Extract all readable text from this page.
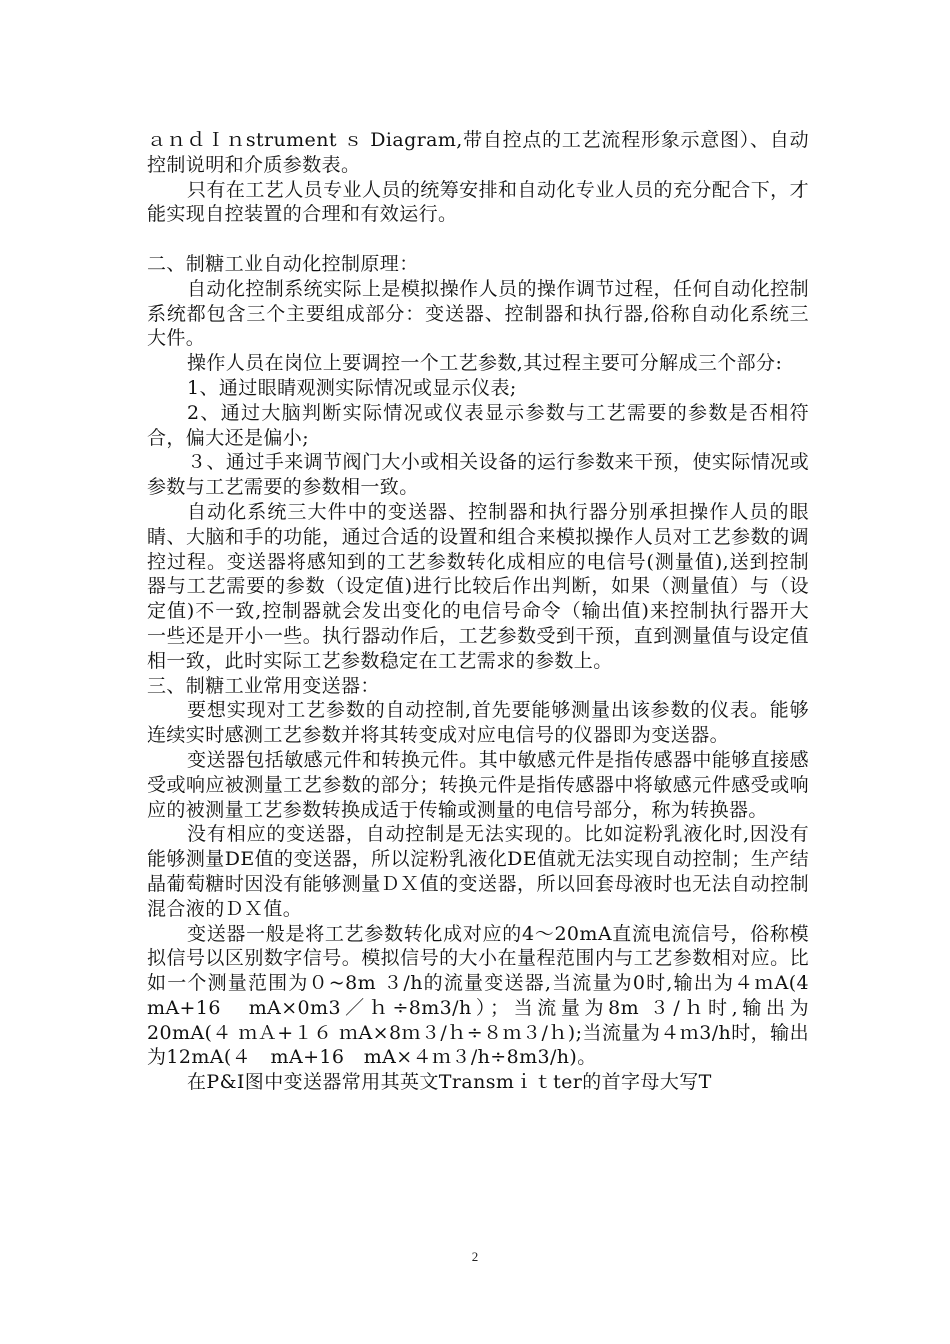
ａｎｄＩｎstrument ｓ Diagram,带自控点的工艺流程形象示意图）、自动控制说明和介质参数表。

只有在工艺人员专业人员的统筹安排和自动化专业人员的充分配合下，才能实现自控装置的合理和有效运行。

二、制糖工业自动化控制原理：

自动化控制系统实际上是模拟操作人员的操作调节过程，任何自动化控制系统都包含三个主要组成部分：变送器、控制器和执行器,俗称自动化系统三大件。

操作人员在岗位上要调控一个工艺参数,其过程主要可分解成三个部分:

1、通过眼睛观测实际情况或显示仪表;

2、通过大脑判断实际情况或仪表显示参数与工艺需要的参数是否相符合，偏大还是偏小;

３、通过手来调节阀门大小或相关设备的运行参数来干预，使实际情况或参数与工艺需要的参数相一致。

自动化系统三大件中的变送器、控制器和执行器分别承担操作人员的眼睛、大脑和手的功能，通过合适的设置和组合来模拟操作人员对工艺参数的调控过程。变送器将感知到的工艺参数转化成相应的电信号(测量值),送到控制器与工艺需要的参数（设定值)进行比较后作出判断，如果（测量值）与（设定值)不一致,控制器就会发出变化的电信号命令（输出值)来控制执行器开大一些还是开小一些。执行器动作后，工艺参数受到干预，直到测量值与设定值相一致，此时实际工艺参数稳定在工艺需求的参数上。

三、制糖工业常用变送器：

要想实现对工艺参数的自动控制,首先要能够测量出该参数的仪表。能够连续实时感测工艺参数并将其转变成对应电信号的仪器即为变送器。

变送器包括敏感元件和转换元件。其中敏感元件是指传感器中能够直接感受或响应被测量工艺参数的部分；转换元件是指传感器中将敏感元件感受或响应的被测量工艺参数转换成适于传输或测量的电信号部分，称为转换器。

没有相应的变送器，自动控制是无法实现的。比如淀粉乳液化时,因没有能够测量DE值的变送器，所以淀粉乳液化DE值就无法实现自动控制；生产结晶葡萄糖时因没有能够测量ＤＸ值的变送器，所以回套母液时也无法自动控制混合液的ＤＸ值。

变送器一般是将工艺参数转化成对应的4～20mA直流电流信号，俗称模拟信号以区别数字信号。模拟信号的大小在量程范围内与工艺参数相对应。比如一个测量范围为０~8m ３/h的流量变送器,当流量为0时,输出为４ｍA(4 mA+16　mA×0m3／ｈ÷8m3/h）；当流量为8m ３/ｈ时,输出为20mA(４ ｍＡ+１６ ｍA×8ｍ３/ｈ÷８ｍ３/ｈ);当流量为４ｍ3/h时，输出为12mA(４　mA+16　mA×４ｍ３/h÷8m3/h)。

在P&I图中变送器常用其英文Transmｉｔter的首字母大写T

2
